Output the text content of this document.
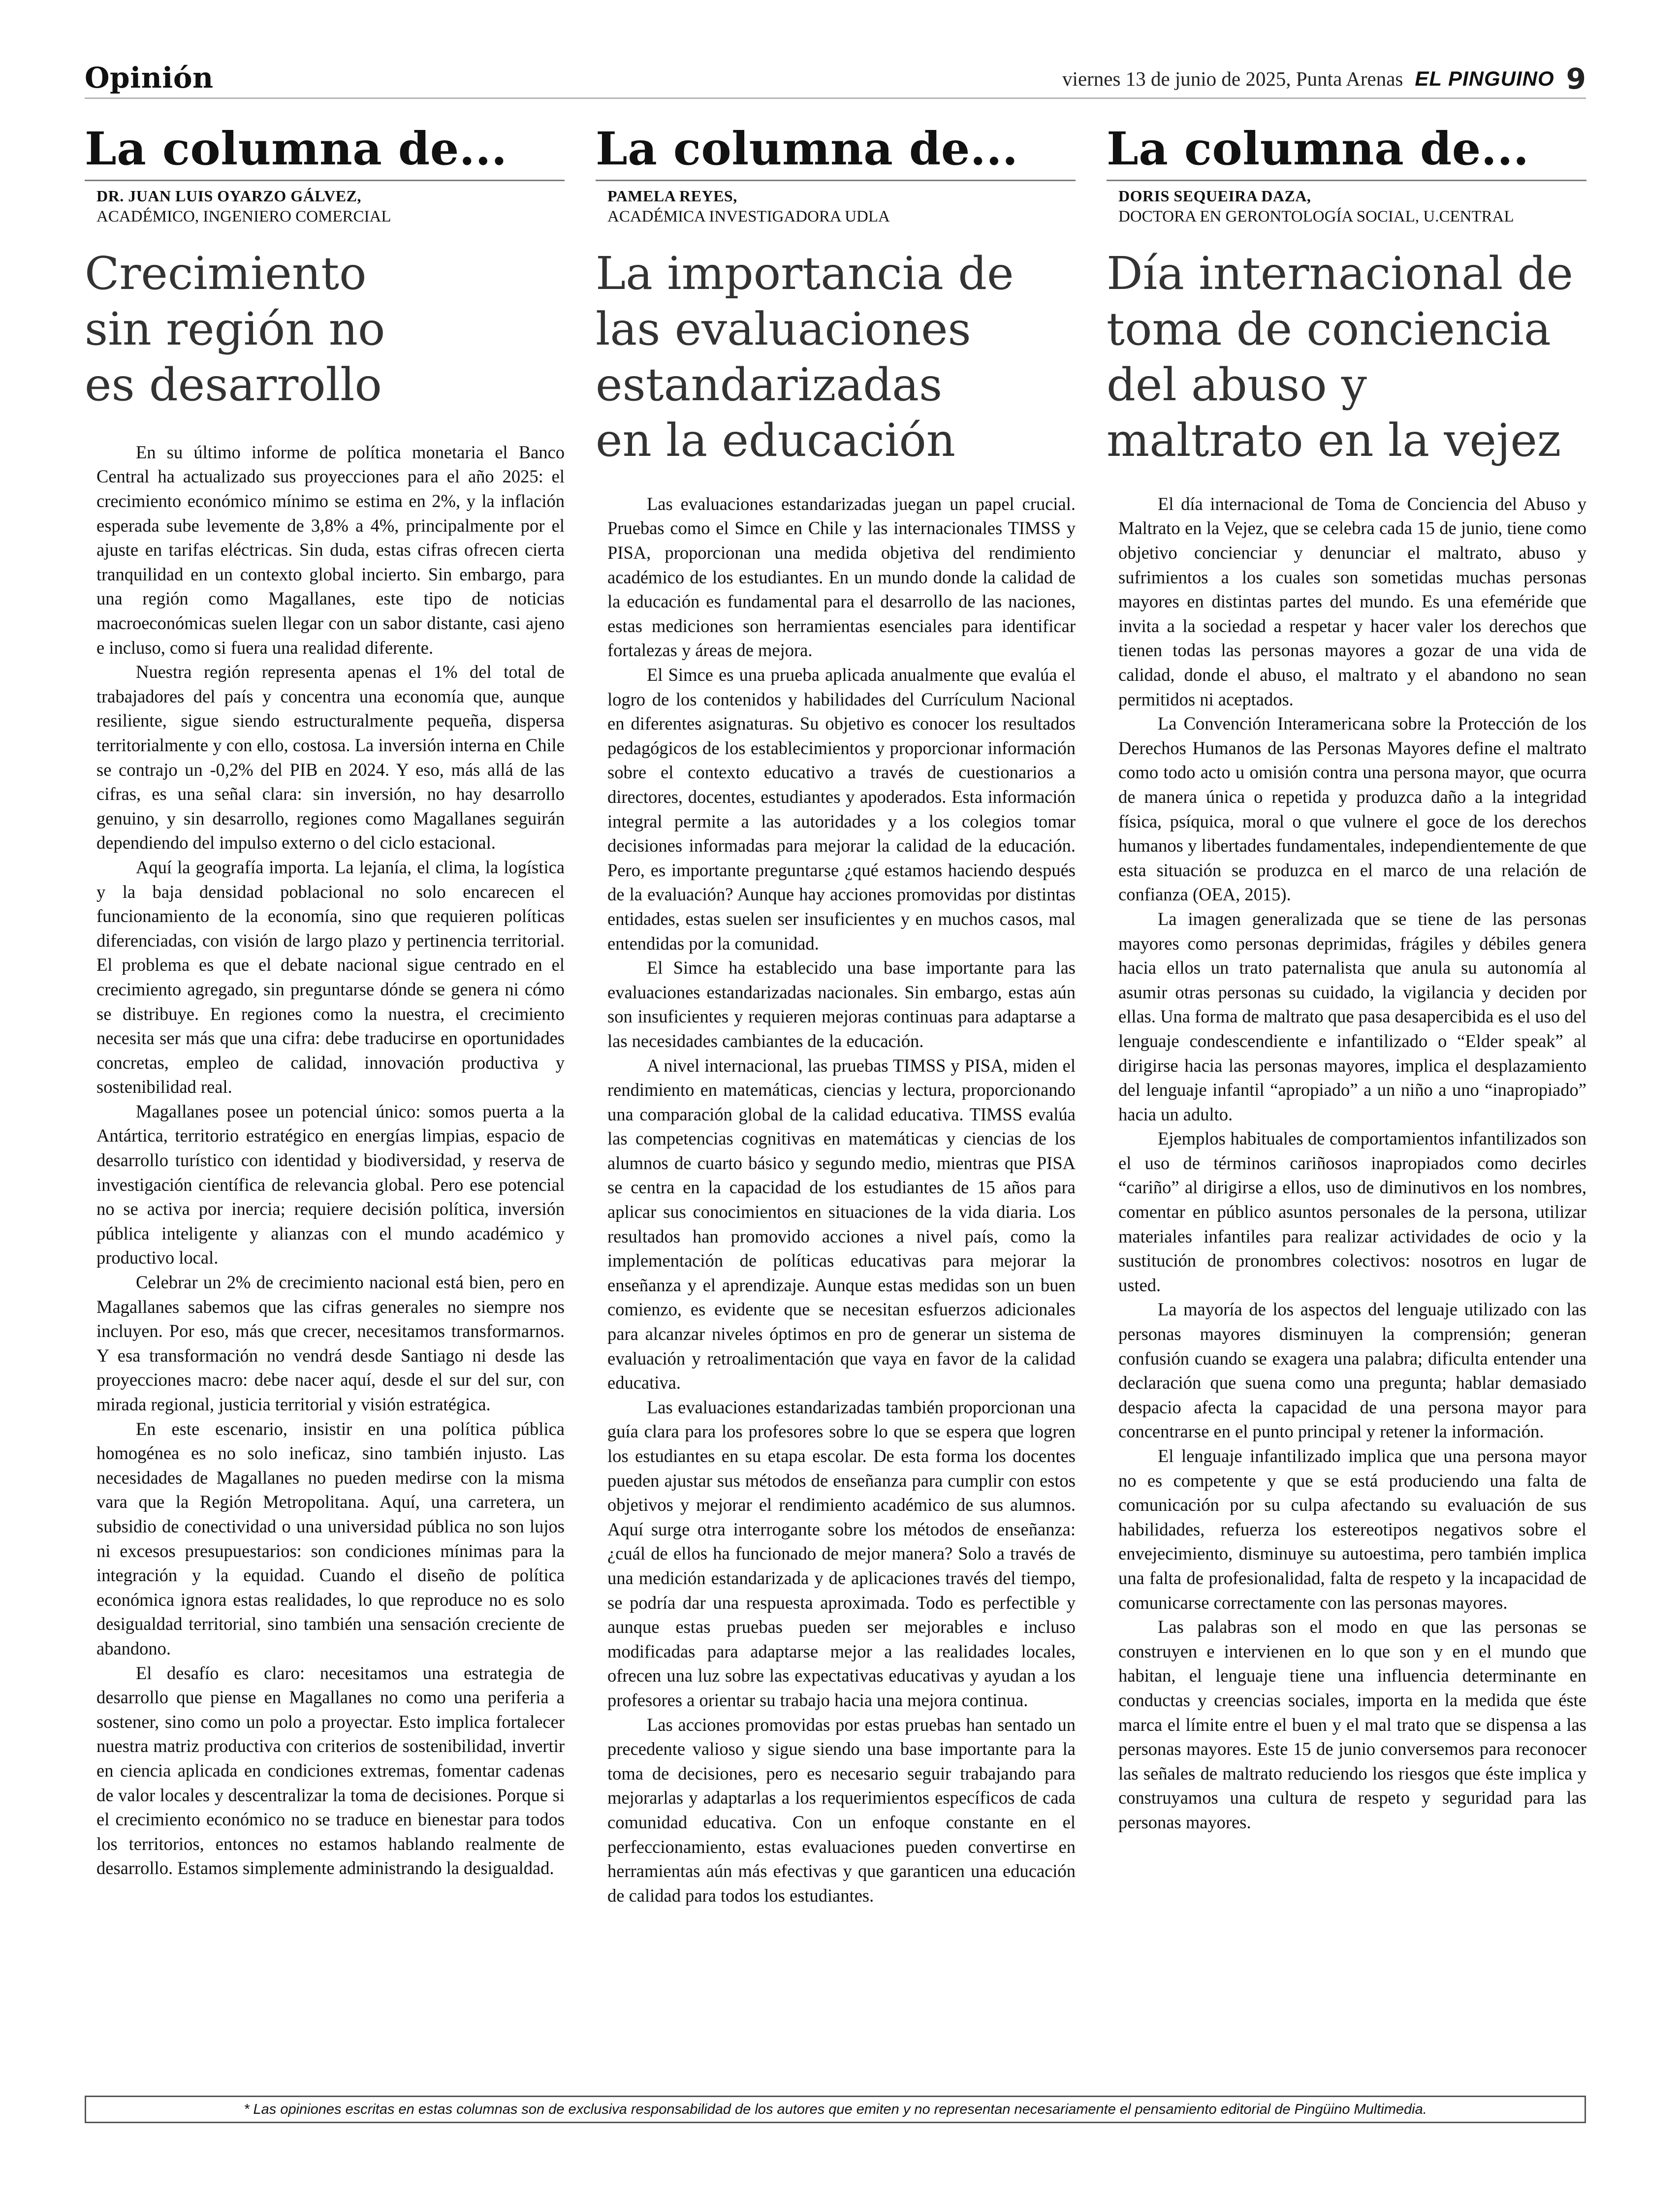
Opinión	viernes 13 de junio de 2025, Punta Arenas EL PINGUINO 9
La columna de...
DR. JUAN LUIS OYARZO GÁLVEZ,
ACADÉMICO, INGENIERO COMERCIAL
Crecimiento
sin región no
es desarrollo

En su último informe de política monetaria el Banco Central ha actualizado sus proyecciones para el año 2025: el crecimiento económico mínimo se estima en 2%, y la inflación esperada sube levemente de 3,8% a 4%, principalmente por el ajuste en tarifas eléctricas. Sin duda, estas cifras ofrecen cierta tranquilidad en un contexto global incierto. Sin embargo, para una región como Magallanes, este tipo de noticias macroeconómicas suelen llegar con un sabor distante, casi ajeno e incluso, como si fuera una realidad diferente.

Nuestra región representa apenas el 1% del total de trabajadores del país y concentra una economía que, aunque resiliente, sigue siendo estructuralmente pequeña, dispersa territorialmente y con ello, costosa. La inversión interna en Chile se contrajo un -0,2% del PIB en 2024. Y eso, más allá de las cifras, es una señal clara: sin inversión, no hay desarrollo genuino, y sin desarrollo, regiones como Magallanes seguirán dependiendo del impulso externo o del ciclo estacional.

Aquí la geografía importa. La lejanía, el clima, la logística y la baja densidad poblacional no solo encarecen el funcionamiento de la economía, sino que requieren políticas diferenciadas, con visión de largo plazo y pertinencia territorial. El problema es que el debate nacional sigue centrado en el crecimiento agregado, sin preguntarse dónde se genera ni cómo se distribuye. En regiones como la nuestra, el crecimiento necesita ser más que una cifra: debe traducirse en oportunidades concretas, empleo de calidad, innovación productiva y sostenibilidad real.

Magallanes posee un potencial único: somos puerta a la Antártica, territorio estratégico en energías limpias, espacio de desarrollo turístico con identidad y biodiversidad, y reserva de investigación científica de relevancia global. Pero ese potencial no se activa por inercia; requiere decisión política, inversión pública inteligente y alianzas con el mundo académico y productivo local.

Celebrar un 2% de crecimiento nacional está bien, pero en Magallanes sabemos que las cifras generales no siempre nos incluyen. Por eso, más que crecer, necesitamos transformarnos. Y esa transformación no vendrá desde Santiago ni desde las proyecciones macro: debe nacer aquí, desde el sur del sur, con mirada regional, justicia territorial y visión estratégica.

En este escenario, insistir en una política pública homogénea es no solo ineficaz, sino también injusto. Las necesidades de Magallanes no pueden medirse con la misma vara que la Región Metropolitana. Aquí, una carretera, un subsidio de conectividad o una universidad pública no son lujos ni excesos presupuestarios: son condiciones mínimas para la integración y la equidad. Cuando el diseño de política económica ignora estas realidades, lo que reproduce no es solo desigualdad territorial, sino también una sensación creciente de abandono.

El desafío es claro: necesitamos una estrategia de desarrollo que piense en Magallanes no como una periferia a sostener, sino como un polo a proyectar. Esto implica fortalecer nuestra matriz productiva con criterios de sostenibilidad, invertir en ciencia aplicada en condiciones extremas, fomentar cadenas de valor locales y descentralizar la toma de decisiones. Porque si el crecimiento económico no se traduce en bienestar para todos los territorios, entonces no estamos hablando realmente de desarrollo. Estamos simplemente administrando la desigualdad.

La columna de...
PAMELA REYES,
ACADÉMICA INVESTIGADORA UDLA
La importancia de
las evaluaciones
estandarizadas
en la educación

Las evaluaciones estandarizadas juegan un papel crucial. Pruebas como el Simce en Chile y las internacionales TIMSS y PISA, proporcionan una medida objetiva del rendimiento académico de los estudiantes. En un mundo donde la calidad de la educación es fundamental para el desarrollo de las naciones, estas mediciones son herramientas esenciales para identificar fortalezas y áreas de mejora.

El Simce es una prueba aplicada anualmente que evalúa el logro de los contenidos y habilidades del Currículum Nacional en diferentes asignaturas. Su objetivo es conocer los resultados pedagógicos de los establecimientos y proporcionar información sobre el contexto educativo a través de cuestionarios a directores, docentes, estudiantes y apoderados. Esta información integral permite a las autoridades y a los colegios tomar decisiones informadas para mejorar la calidad de la educación. Pero, es importante preguntarse ¿qué estamos haciendo después de la evaluación? Aunque hay acciones promovidas por distintas entidades, estas suelen ser insuficientes y en muchos casos, mal entendidas por la comunidad.

El Simce ha establecido una base importante para las evaluaciones estandarizadas nacionales. Sin embargo, estas aún son insuficientes y requieren mejoras continuas para adaptarse a las necesidades cambiantes de la educación.

A nivel internacional, las pruebas TIMSS y PISA, miden el rendimiento en matemáticas, ciencias y lectura, proporcionando una comparación global de la calidad educativa. TIMSS evalúa las competencias cognitivas en matemáticas y ciencias de los alumnos de cuarto básico y segundo medio, mientras que PISA se centra en la capacidad de los estudiantes de 15 años para aplicar sus conocimientos en situaciones de la vida diaria. Los resultados han promovido acciones a nivel país, como la implementación de políticas educativas para mejorar la enseñanza y el aprendizaje. Aunque estas medidas son un buen comienzo, es evidente que se necesitan esfuerzos adicionales para alcanzar niveles óptimos en pro de generar un sistema de evaluación y retroalimentación que vaya en favor de la calidad educativa.

Las evaluaciones estandarizadas también proporcionan una guía clara para los profesores sobre lo que se espera que logren los estudiantes en su etapa escolar. De esta forma los docentes pueden ajustar sus métodos de enseñanza para cumplir con estos objetivos y mejorar el rendimiento académico de sus alumnos. Aquí surge otra interrogante sobre los métodos de enseñanza: ¿cuál de ellos ha funcionado de mejor manera? Solo a través de una medición estandarizada y de aplicaciones través del tiempo, se podría dar una respuesta aproximada. Todo es perfectible y aunque estas pruebas pueden ser mejorables e incluso modificadas para adaptarse mejor a las realidades locales, ofrecen una luz sobre las expectativas educativas y ayudan a los profesores a orientar su trabajo hacia una mejora continua.

Las acciones promovidas por estas pruebas han sentado un precedente valioso y sigue siendo una base importante para la toma de decisiones, pero es necesario seguir trabajando para mejorarlas y adaptarlas a los requerimientos específicos de cada comunidad educativa. Con un enfoque constante en el perfeccionamiento, estas evaluaciones pueden convertirse en herramientas aún más efectivas y que garanticen una educación de calidad para todos los estudiantes.

La columna de...
DORIS SEQUEIRA DAZA,
DOCTORA EN GERONTOLOGÍA SOCIAL, U.CENTRAL
Día internacional de
toma de conciencia
del abuso y
maltrato en la vejez

El día internacional de Toma de Conciencia del Abuso y Maltrato en la Vejez, que se celebra cada 15 de junio, tiene como objetivo concienciar y denunciar el maltrato, abuso y sufrimientos a los cuales son sometidas muchas personas mayores en distintas partes del mundo. Es una efeméride que invita a la sociedad a respetar y hacer valer los derechos que tienen todas las personas mayores a gozar de una vida de calidad, donde el abuso, el maltrato y el abandono no sean permitidos ni aceptados.

La Convención Interamericana sobre la Protección de los Derechos Humanos de las Personas Mayores define el maltrato como todo acto u omisión contra una persona mayor, que ocurra de manera única o repetida y produzca daño a la integridad física, psíquica, moral o que vulnere el goce de los derechos humanos y libertades fundamentales, independientemente de que esta situación se produzca en el marco de una relación de confianza (OEA, 2015).

La imagen generalizada que se tiene de las personas mayores como personas deprimidas, frágiles y débiles genera hacia ellos un trato paternalista que anula su autonomía al asumir otras personas su cuidado, la vigilancia y deciden por ellas. Una forma de maltrato que pasa desapercibida es el uso del lenguaje condescendiente e infantilizado o “Elder speak” al dirigirse hacia las personas mayores, implica el desplazamiento del lenguaje infantil “apropiado” a un niño a uno “inapropiado” hacia un adulto.

Ejemplos habituales de comportamientos infantilizados son el uso de términos cariñosos inapropiados como decirles “cariño” al dirigirse a ellos, uso de diminutivos en los nombres, comentar en público asuntos personales de la persona, utilizar materiales infantiles para realizar actividades de ocio y la sustitución de pronombres colectivos: nosotros en lugar de usted.

La mayoría de los aspectos del lenguaje utilizado con las personas mayores disminuyen la comprensión; generan confusión cuando se exagera una palabra; dificulta entender una declaración que suena como una pregunta; hablar demasiado despacio afecta la capacidad de una persona mayor para concentrarse en el punto principal y retener la información.

El lenguaje infantilizado implica que una persona mayor no es competente y que se está produciendo una falta de comunicación por su culpa afectando su evaluación de sus habilidades, refuerza los estereotipos negativos sobre el envejecimiento, disminuye su autoestima, pero también implica una falta de profesionalidad, falta de respeto y la incapacidad de comunicarse correctamente con las personas mayores.

Las palabras son el modo en que las personas se construyen e intervienen en lo que son y en el mundo que habitan, el lenguaje tiene una influencia determinante en conductas y creencias sociales, importa en la medida que éste marca el límite entre el buen y el mal trato que se dispensa a las personas mayores. Este 15 de junio conversemos para reconocer las señales de maltrato reduciendo los riesgos que éste implica y construyamos una cultura de respeto y seguridad para las personas mayores.

* Las opiniones escritas en estas columnas son de exclusiva responsabilidad de los autores que emiten y no representan necesariamente el pensamiento editorial de Pingüino Multimedia.
